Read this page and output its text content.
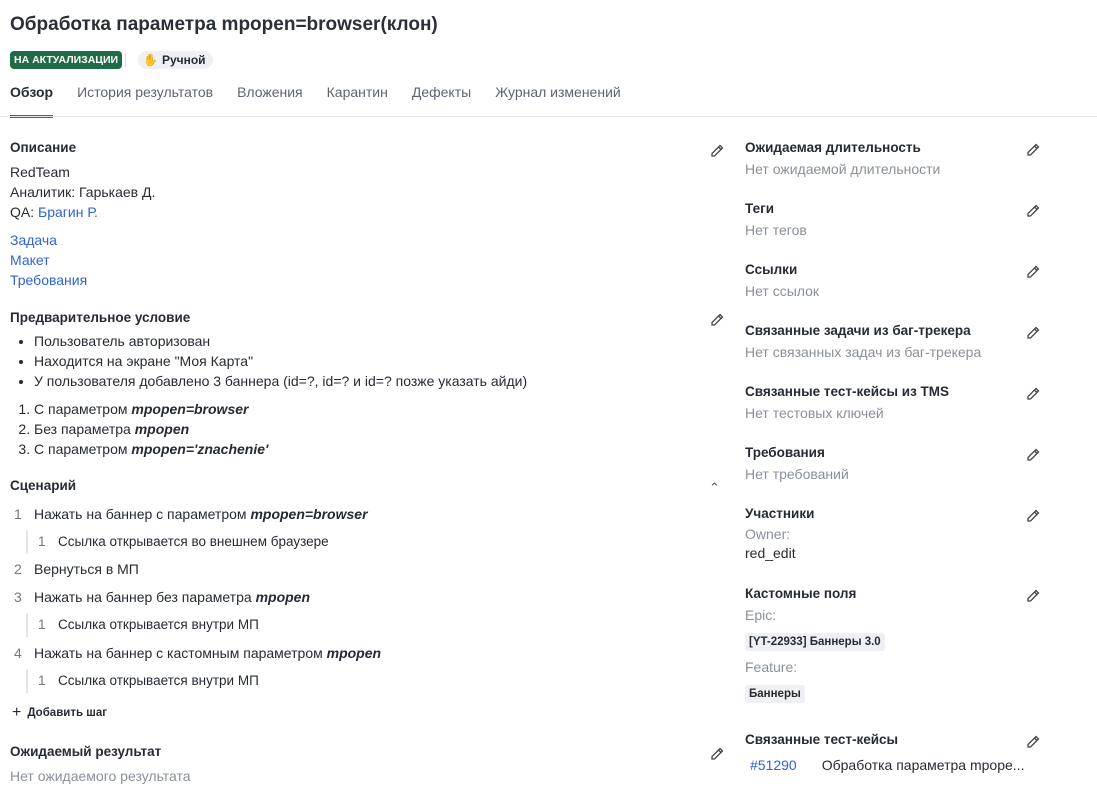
Обработка параметра mpopen=browser(клон)
НА АКТУАЛИЗАЦИИ	✋ Ручной
Обзор История результатов Вложения Карантин Дефекты Журнал изменений
Описание
RedTeam
Аналитик: Гарькаев Д.
QA: Брагин Р.
Задача
Макет
Требования
Предварительное условие
• Пользователь авторизован
• Находится на экране "Моя Карта"
• У пользователя добавлено 3 баннера (id=?, id=? и id=? позже указать айди)
1. С параметром mpopen=browser
2. Без параметра mpopen
3. С параметром mpopen='znachenie'
Сценарий
1 Нажать на баннер с параметром mpopen=browser
1 Ссылка открывается во внешнем браузере
2 Вернуться в МП
3 Нажать на баннер без параметра mpopen
1 Ссылка открывается внутри МП
4 Нажать на баннер с кастомным параметром mpopen
1 Ссылка открывается внутри МП
+ Добавить шаг
⌃
Ожидаемый результат
Нет ожидаемого результата
Ожидаемая длительность
Нет ожидаемой длительности
Теги
Нет тегов
Ссылки
Нет ссылок
Связанные задачи из баг-трекера
Нет связанных задач из баг-трекера
Связанные тест-кейсы из TMS
Нет тестовых ключей
Требования
Нет требований
Участники
Owner:
red_edit
Кастомные поля
Epic:
[YT-22933] Баннеры 3.0
Feature:
Баннеры
Связанные тест-кейсы
#51290 Обработка параметра mpope...
